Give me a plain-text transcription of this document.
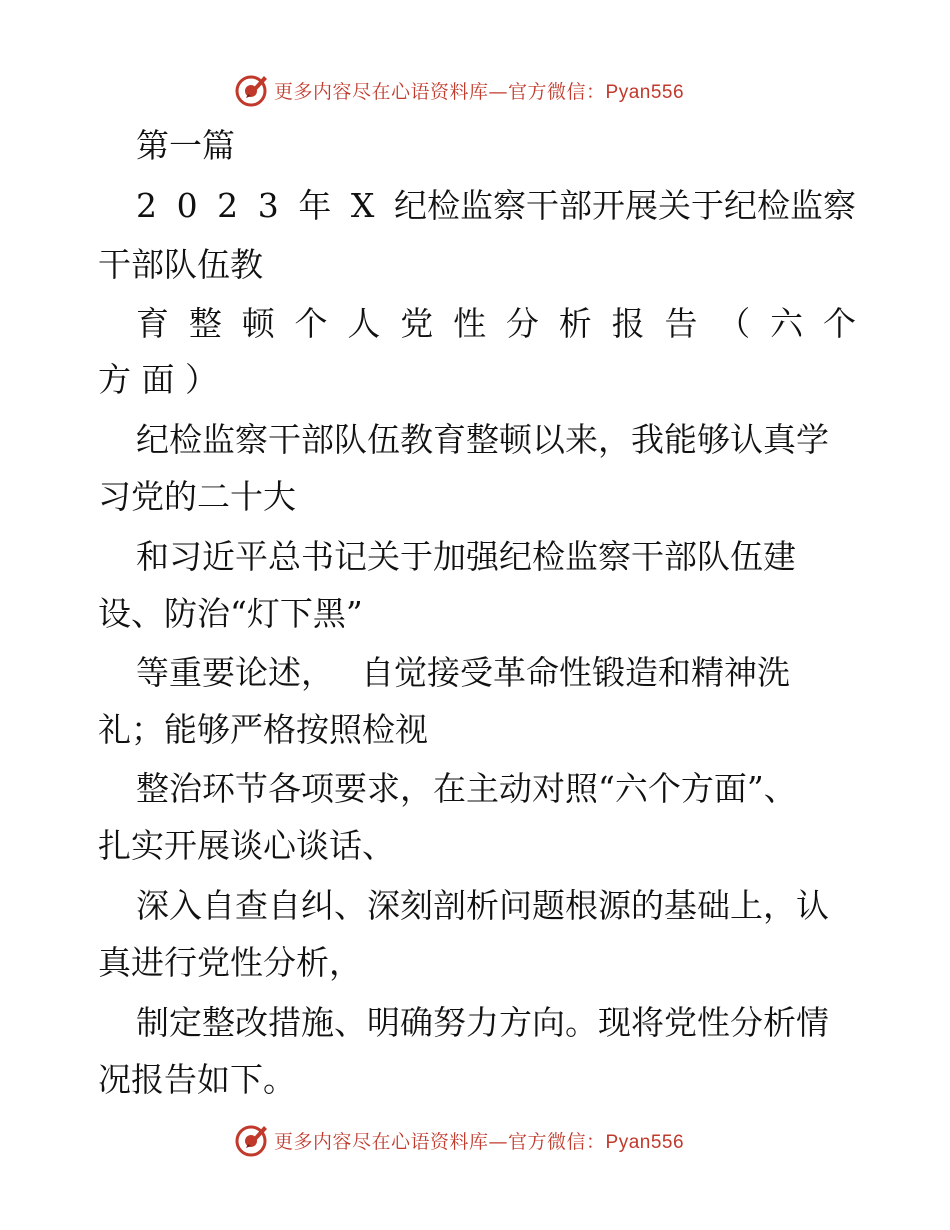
更多内容尽在心语资料库—官方微信：Pyan556
第一篇
2 0 2 3 年 X 纪检监察干部开展关于纪检监察
干部队伍教
育 整 顿 个 人 党 性 分 析 报 告 （ 六 个
方 面 ）
纪检监察干部队伍教育整顿以来，我能够认真学
习党的二十大
和习近平总书记关于加强纪检监察干部队伍建
设、防治“灯下黑”
等重要论述，　 自觉接受革命性锻造和精神洗
礼；能够严格按照检视
整治环节各项要求，在主动对照“六个方面”、
扎实开展谈心谈话、
深入自查自纠、深刻剖析问题根源的基础上，认
真进行党性分析，
制定整改措施、明确努力方向。现将党性分析情
况报告如下。
更多内容尽在心语资料库—官方微信：Pyan556
